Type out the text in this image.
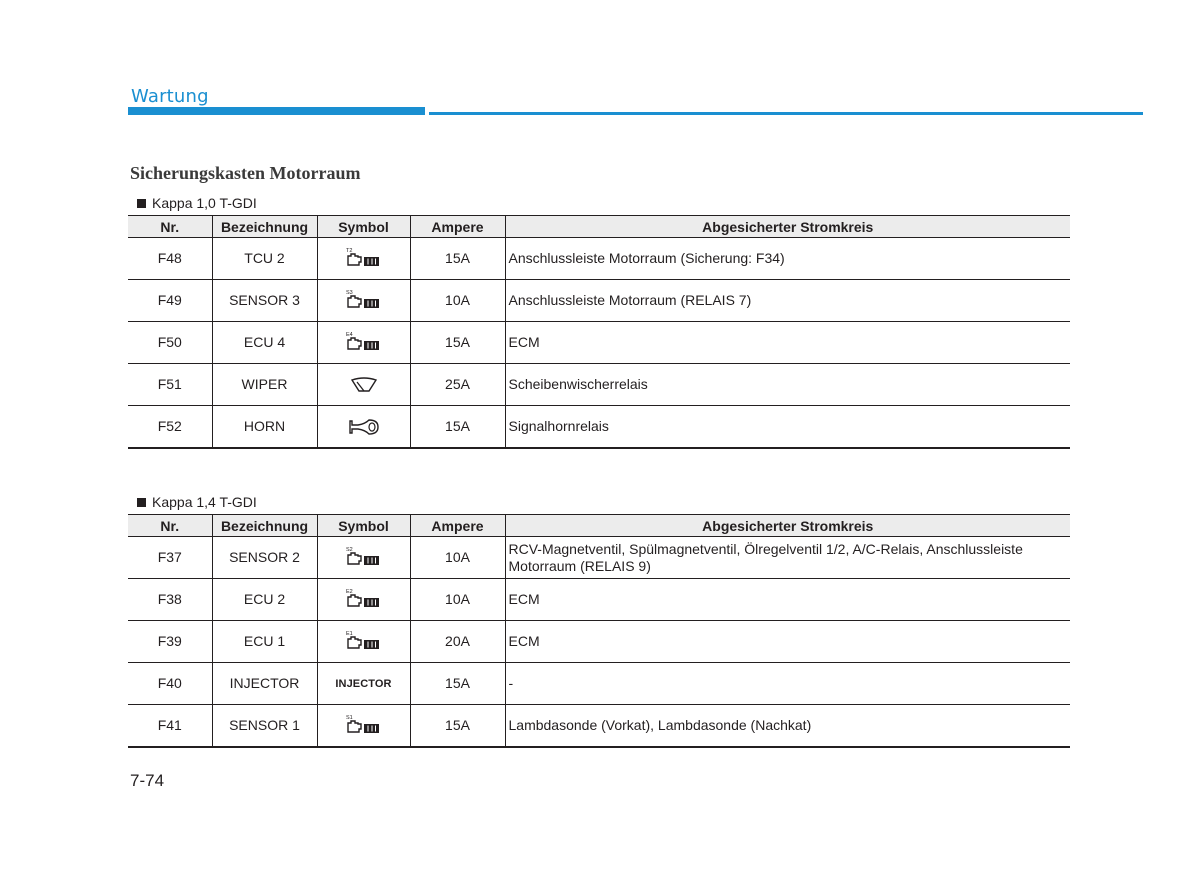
Wartung
Sicherungskasten Motorraum
Kappa 1,0 T-GDI
Nr.	Bezeichnung	Symbol	Ampere	Abgesicherter Stromkreis
F48	TCU 2	T2	15A	Anschlussleiste Motorraum (Sicherung: F34)
F49	SENSOR 3	S3	10A	Anschlussleiste Motorraum (RELAIS 7)
F50	ECU 4	E4	15A	ECM
F51	WIPER		25A	Scheibenwischerrelais
F52	HORN		15A	Signalhornrelais
Kappa 1,4 T-GDI
Nr.	Bezeichnung	Symbol	Ampere	Abgesicherter Stromkreis
F37	SENSOR 2	S2	10A	RCV-Magnetventil, Spülmagnetventil, Ölregelventil 1/2, A/C-Relais, Anschlussleiste Motorraum (RELAIS 9)
F38	ECU 2	E2	10A	ECM
F39	ECU 1	E1	20A	ECM
F40	INJECTOR	INJECTOR	15A	-
F41	SENSOR 1	S1	15A	Lambdasonde (Vorkat), Lambdasonde (Nachkat)
7-74
